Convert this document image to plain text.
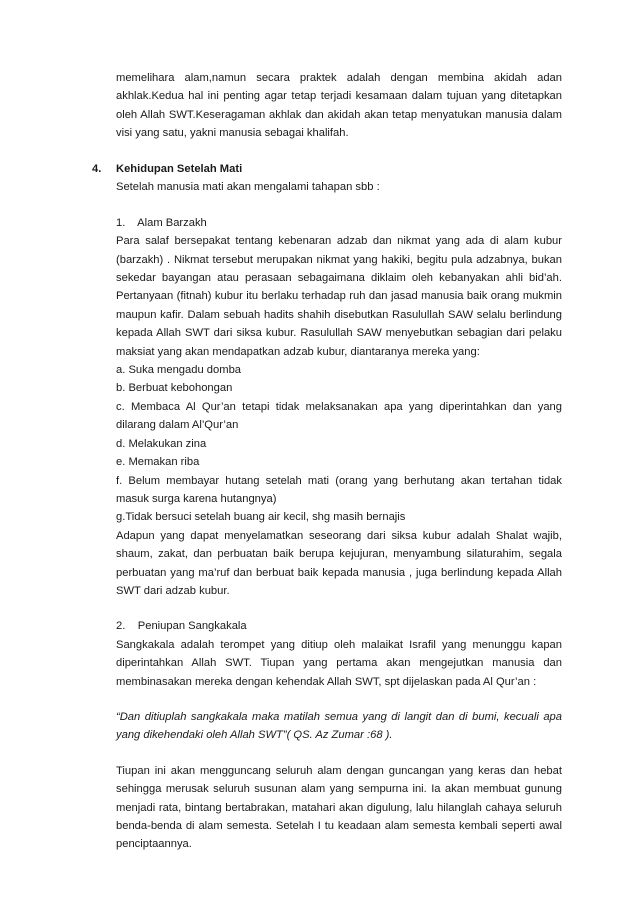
memelihara alam,namun secara praktek adalah dengan membina akidah adan akhlak.Kedua hal ini penting agar tetap terjadi kesamaan dalam tujuan yang ditetapkan oleh Allah SWT.Keseragaman akhlak dan akidah akan tetap menyatukan manusia dalam visi yang satu, yakni manusia sebagai khalifah.

4. Kehidupan Setelah Mati

Setelah manusia mati akan mengalami tahapan sbb :

1.    Alam Barzakh

Para salaf bersepakat tentang kebenaran adzab dan nikmat yang ada di alam kubur (barzakh) . Nikmat tersebut merupakan nikmat yang hakiki, begitu pula adzabnya, bukan sekedar bayangan atau perasaan sebagaimana diklaim oleh kebanyakan ahli bid’ah. Pertanyaan (fitnah) kubur itu berlaku terhadap ruh dan jasad manusia baik orang mukmin maupun kafir. Dalam sebuah hadits shahih disebutkan Rasulullah SAW selalu berlindung kepada Allah SWT dari siksa kubur. Rasulullah SAW menyebutkan sebagian dari pelaku maksiat yang akan mendapatkan adzab kubur, diantaranya mereka yang:

a. Suka mengadu domba

b. Berbuat kebohongan

c. Membaca Al Qur’an tetapi tidak melaksanakan apa yang diperintahkan dan yang dilarang dalam Al’Qur’an

d. Melakukan zina

e. Memakan riba

f. Belum membayar hutang setelah mati (orang yang berhutang akan tertahan tidak masuk surga karena hutangnya)

g.Tidak bersuci setelah buang air kecil, shg masih bernajis

Adapun yang dapat menyelamatkan seseorang dari siksa kubur adalah Shalat wajib, shaum, zakat, dan perbuatan baik berupa kejujuran, menyambung silaturahim, segala perbuatan yang ma’ruf dan berbuat baik kepada manusia , juga berlindung kepada Allah SWT dari adzab kubur.

2.    Peniupan Sangkakala

Sangkakala adalah terompet yang ditiup oleh malaikat Israfil yang menunggu kapan diperintahkan Allah SWT. Tiupan yang pertama akan mengejutkan manusia dan membinasakan mereka dengan kehendak Allah SWT, spt dijelaskan pada Al Qur’an :

“Dan ditiuplah sangkakala maka matilah semua yang di langit dan di bumi, kecuali apa yang dikehendaki oleh Allah SWT”( QS. Az Zumar :68 ).

Tiupan ini akan mengguncang seluruh alam dengan guncangan yang keras dan hebat sehingga merusak seluruh susunan alam yang sempurna ini. Ia akan membuat gunung menjadi rata, bintang bertabrakan, matahari akan digulung, lalu hilanglah cahaya seluruh benda-benda di alam semesta. Setelah I tu keadaan alam semesta kembali seperti awal penciptaannya.
